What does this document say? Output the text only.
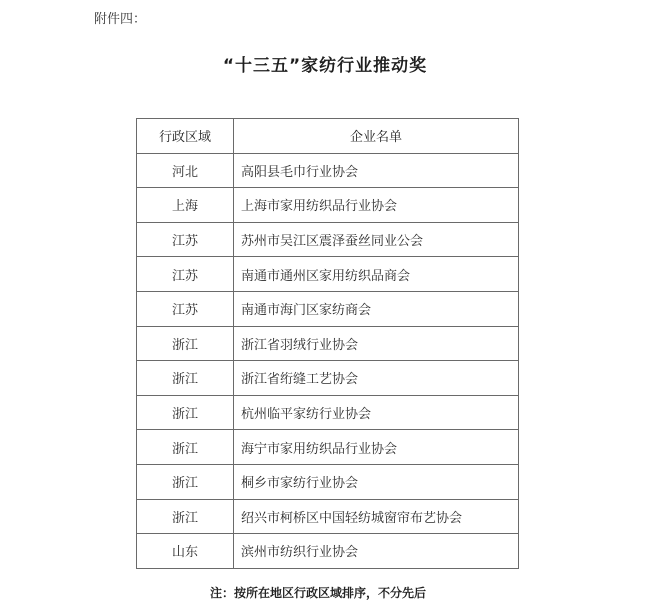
附件四：
“十三五”家纺行业推动奖
行政区域	企业名单
河北	高阳县毛巾行业协会
上海	上海市家用纺织品行业协会
江苏	苏州市吴江区震泽蚕丝同业公会
江苏	南通市通州区家用纺织品商会
江苏	南通市海门区家纺商会
浙江	浙江省羽绒行业协会
浙江	浙江省绗缝工艺协会
浙江	杭州临平家纺行业协会
浙江	海宁市家用纺织品行业协会
浙江	桐乡市家纺行业协会
浙江	绍兴市柯桥区中国轻纺城窗帘布艺协会
山东	滨州市纺织行业协会
注：按所在地区行政区域排序，不分先后
